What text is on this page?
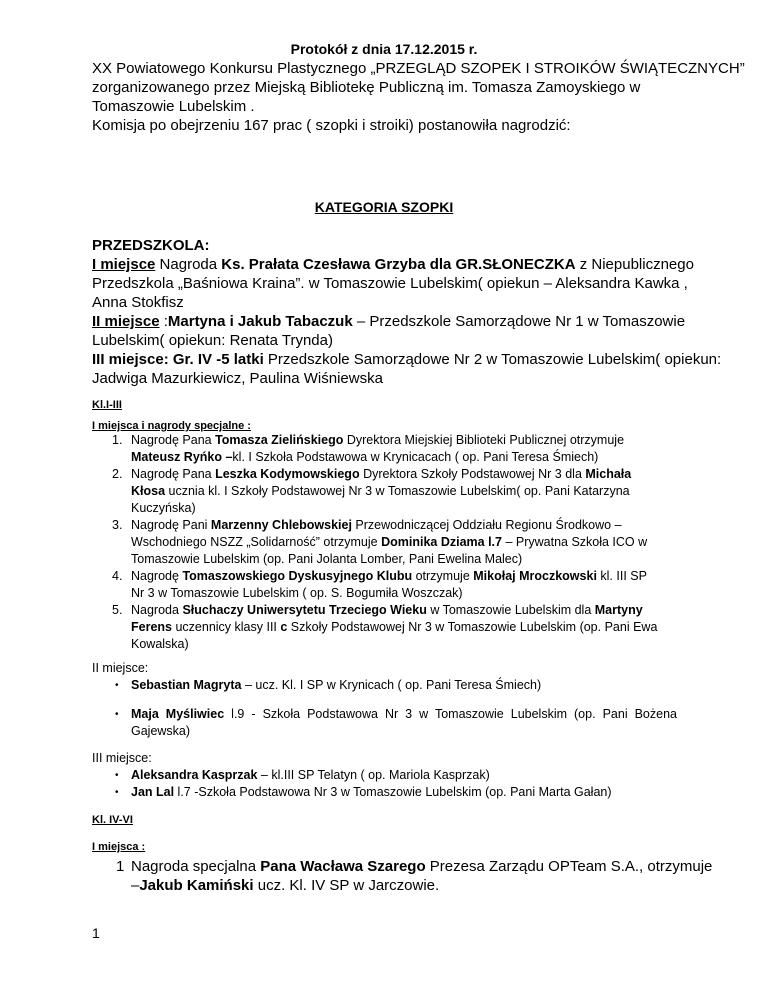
Protokół z dnia 17.12.2015 r.
XX Powiatowego Konkursu Plastycznego „PRZEGLĄD SZOPEK I STROIKÓW ŚWIĄTECZNYCH”
zorganizowanego przez Miejską Bibliotekę Publiczną im. Tomasza Zamoyskiego w
Tomaszowie Lubelskim .
Komisja po obejrzeniu 167 prac ( szopki i stroiki) postanowiła nagrodzić:
KATEGORIA SZOPKI
PRZEDSZKOLA:
I miejsce Nagroda Ks. Prałata Czesława Grzyba dla GR.SŁONECZKA z Niepublicznego
Przedszkola „Baśniowa Kraina”. w Tomaszowie Lubelskim( opiekun – Aleksandra Kawka ,
Anna Stokfisz
II miejsce :Martyna i Jakub Tabaczuk – Przedszkole Samorządowe Nr 1 w Tomaszowie
Lubelskim( opiekun: Renata Trynda)
III miejsce: Gr. IV -5 latki Przedszkole Samorządowe Nr 2 w Tomaszowie Lubelskim( opiekun:
Jadwiga Mazurkiewicz, Paulina Wiśniewska
Kl.I-III
I miejsca i nagrody specjalne :
1. Nagrodę Pana Tomasza Zielińskiego Dyrektora Miejskiej Biblioteki Publicznej otrzymuje
Mateusz Ryńko –kl. I Szkoła Podstawowa w Krynicacach ( op. Pani Teresa Śmiech)
2. Nagrodę Pana Leszka Kodymowskiego Dyrektora Szkoły Podstawowej Nr 3 dla Michała
Kłosa ucznia kl. I Szkoły Podstawowej Nr 3 w Tomaszowie Lubelskim( op. Pani Katarzyna
Kuczyńska)
3. Nagrodę Pani Marzenny Chlebowskiej Przewodniczącej Oddziału Regionu Środkowo –
Wschodniego NSZZ „Solidarność” otrzymuje Dominika Dziama l.7 – Prywatna Szkoła ICO w
Tomaszowie Lubelskim (op. Pani Jolanta Lomber, Pani Ewelina Malec)
4. Nagrodę Tomaszowskiego Dyskusyjnego Klubu otrzymuje Mikołaj Mroczkowski kl. III SP
Nr 3 w Tomaszowie Lubelskim ( op. S. Bogumiła Woszczak)
5. Nagroda Słuchaczy Uniwersytetu Trzeciego Wieku w Tomaszowie Lubelskim dla Martyny
Ferens uczennicy klasy III c Szkoły Podstawowej Nr 3 w Tomaszowie Lubelskim (op. Pani Ewa
Kowalska)
II miejsce:
• Sebastian Magryta – ucz. Kl. I SP w Krynicach ( op. Pani Teresa Śmiech)
• Maja Myśliwiec l.9 - Szkoła Podstawowa Nr 3 w Tomaszowie Lubelskim (op. Pani Bożena
Gajewska)
III miejsce:
• Aleksandra Kasprzak – kl.III SP Telatyn ( op. Mariola Kasprzak)
• Jan Lal l.7 -Szkoła Podstawowa Nr 3 w Tomaszowie Lubelskim (op. Pani Marta Gałan)
Kl. IV-VI
I miejsca :
1 Nagroda specjalna Pana Wacława Szarego Prezesa Zarządu OPTeam S.A., otrzymuje
–Jakub Kamiński ucz. Kl. IV SP w Jarczowie.
1
